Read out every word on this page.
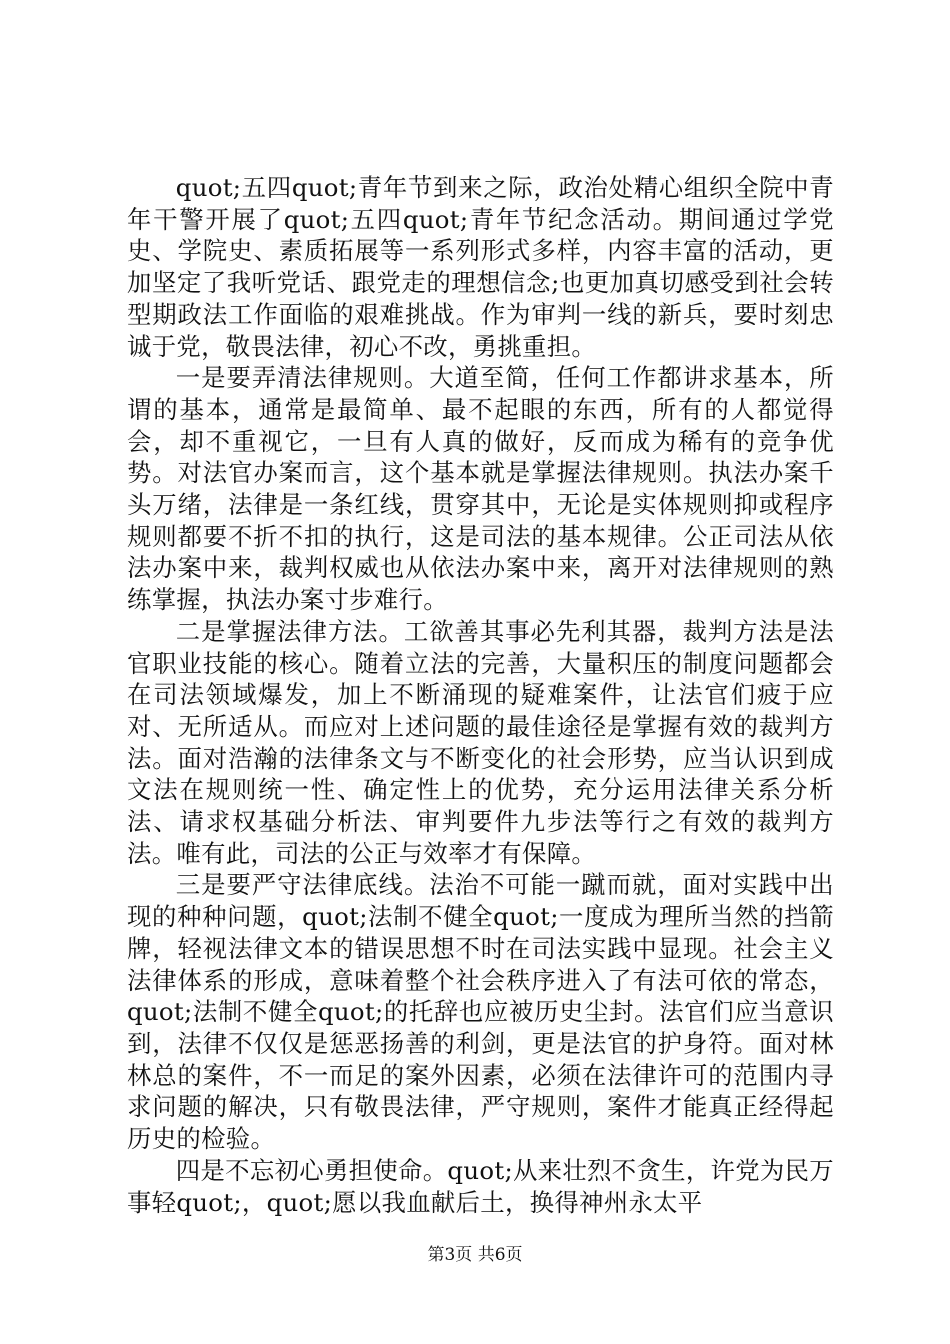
quot;五四quot;青年节到来之际，政治处精心组织全院中青年干警开展了quot;五四quot;青年节纪念活动。期间通过学党史、学院史、素质拓展等一系列形式多样，内容丰富的活动，更加坚定了我听党话、跟党走的理想信念;也更加真切感受到社会转型期政法工作面临的艰难挑战。作为审判一线的新兵，要时刻忠诚于党，敬畏法律，初心不改，勇挑重担。

一是要弄清法律规则。大道至简，任何工作都讲求基本，所谓的基本，通常是最简单、最不起眼的东西，所有的人都觉得会，却不重视它，一旦有人真的做好，反而成为稀有的竞争优势。对法官办案而言，这个基本就是掌握法律规则。执法办案千头万绪，法律是一条红线，贯穿其中，无论是实体规则抑或程序规则都要不折不扣的执行，这是司法的基本规律。公正司法从依法办案中来，裁判权威也从依法办案中来，离开对法律规则的熟练掌握，执法办案寸步难行。

二是掌握法律方法。工欲善其事必先利其器，裁判方法是法官职业技能的核心。随着立法的完善，大量积压的制度问题都会在司法领域爆发，加上不断涌现的疑难案件，让法官们疲于应对、无所适从。而应对上述问题的最佳途径是掌握有效的裁判方法。面对浩瀚的法律条文与不断变化的社会形势，应当认识到成文法在规则统一性、确定性上的优势，充分运用法律关系分析法、请求权基础分析法、审判要件九步法等行之有效的裁判方法。唯有此，司法的公正与效率才有保障。

三是要严守法律底线。法治不可能一蹴而就，面对实践中出现的种种问题，quot;法制不健全quot;一度成为理所当然的挡箭牌，轻视法律文本的错误思想不时在司法实践中显现。社会主义法律体系的形成，意味着整个社会秩序进入了有法可依的常态，quot;法制不健全quot;的托辞也应被历史尘封。法官们应当意识到，法律不仅仅是惩恶扬善的利剑，更是法官的护身符。面对林林总的案件，不一而足的案外因素，必须在法律许可的范围内寻求问题的解决，只有敬畏法律，严守规则，案件才能真正经得起历史的检验。

四是不忘初心勇担使命。quot;从来壮烈不贪生，许党为民万事轻quot;，quot;愿以我血献后土，换得神州永太平

第3页 共6页
